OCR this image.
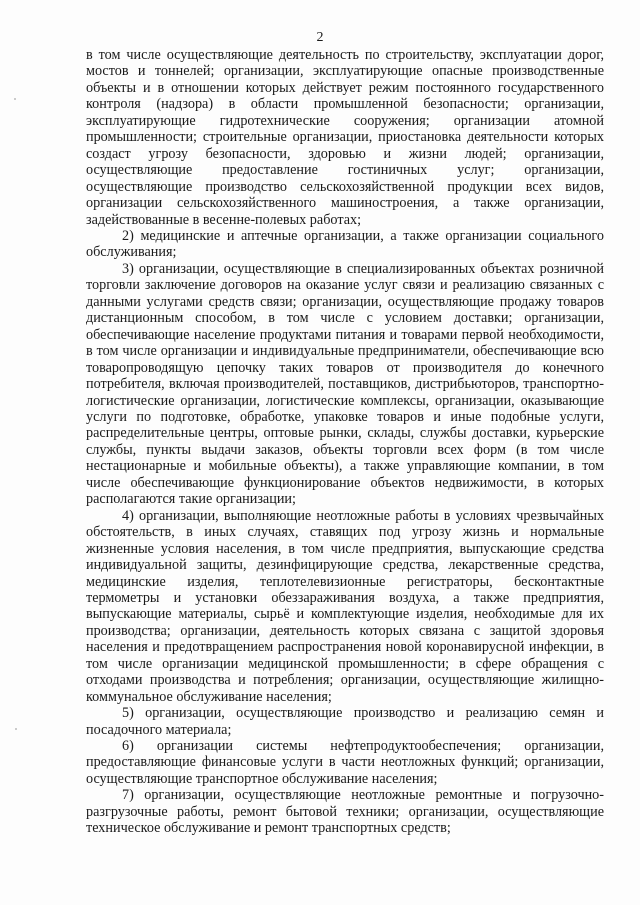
2

в том числе осуществляющие деятельность по строительству, эксплуатации дорог, мостов и тоннелей; организации, эксплуатирующие опасные производственные объекты и в отношении которых действует режим постоянного государственного контроля (надзора) в области промышленной безопасности; организации, эксплуатирующие гидротехнические сооружения; организации атомной промышленности; строительные организации, приостановка деятельности которых создаст угрозу безопасности, здоровью и жизни людей; организации, осуществляющие предоставление гостиничных услуг; организации, осуществляющие производство сельскохозяйственной продукции всех видов, организации сельскохозяйственного машиностроения, а также организации, задействованные в весенне-полевых работах;

2) медицинские и аптечные организации, а также организации социального обслуживания;

3) организации, осуществляющие в специализированных объектах розничной торговли заключение договоров на оказание услуг связи и реализацию связанных с данными услугами средств связи; организации, осуществляющие продажу товаров дистанционным способом, в том числе с условием доставки; организации, обеспечивающие население продуктами питания и товарами первой необходимости, в том числе организации и индивидуальные предприниматели, обеспечивающие всю товаропроводящую цепочку таких товаров от производителя до конечного потребителя, включая производителей, поставщиков, дистрибьюторов, транспортно-логистические организации, логистические комплексы, организации, оказывающие услуги по подготовке, обработке, упаковке товаров и иные подобные услуги, распределительные центры, оптовые рынки, склады, службы доставки, курьерские службы, пункты выдачи заказов, объекты торговли всех форм (в том числе нестационарные и мобильные объекты), а также управляющие компании, в том числе обеспечивающие функционирование объектов недвижимости, в которых располагаются такие организации;

4) организации, выполняющие неотложные работы в условиях чрезвычайных обстоятельств, в иных случаях, ставящих под угрозу жизнь и нормальные жизненные условия населения, в том числе предприятия, выпускающие средства индивидуальной защиты, дезинфицирующие средства, лекарственные средства, медицинские изделия, теплотелевизионные регистраторы, бесконтактные термометры и установки обеззараживания воздуха, а также предприятия, выпускающие материалы, сырьё и комплектующие изделия, необходимые для их производства; организации, деятельность которых связана с защитой здоровья населения и предотвращением распространения новой коронавирусной инфекции, в том числе организации медицинской промышленности; в сфере обращения с отходами производства и потребления; организации, осуществляющие жилищно-коммунальное обслуживание населения;

5) организации, осуществляющие производство и реализацию семян и посадочного материала;

6) организации системы нефтепродуктообеспечения; организации, предоставляющие финансовые услуги в части неотложных функций; организации, осуществляющие транспортное обслуживание населения;

7) организации, осуществляющие неотложные ремонтные и погрузочно-разгрузочные работы, ремонт бытовой техники; организации, осуществляющие техническое обслуживание и ремонт транспортных средств;
